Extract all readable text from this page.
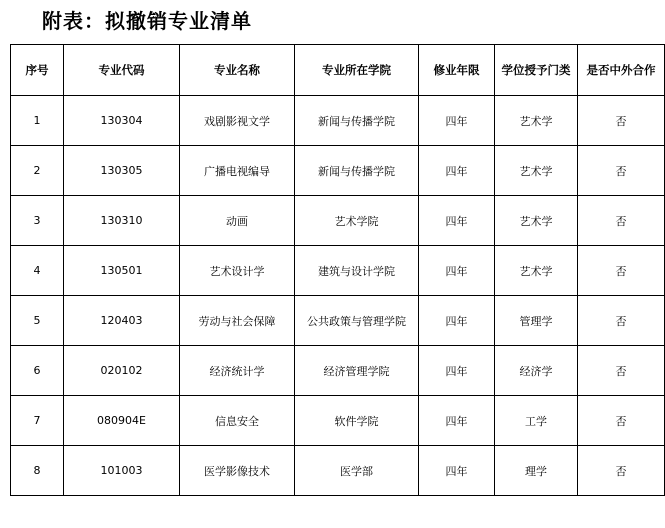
附表：拟撤销专业清单
序号	专业代码	专业名称	专业所在学院	修业年限	学位授予门类	是否中外合作
1	130304	戏剧影视文学	新闻与传播学院	四年	艺术学	否
2	130305	广播电视编导	新闻与传播学院	四年	艺术学	否
3	130310	动画	艺术学院	四年	艺术学	否
4	130501	艺术设计学	建筑与设计学院	四年	艺术学	否
5	120403	劳动与社会保障	公共政策与管理学院	四年	管理学	否
6	020102	经济统计学	经济管理学院	四年	经济学	否
7	080904E	信息安全	软件学院	四年	工学	否
8	101003	医学影像技术	医学部	四年	理学	否
